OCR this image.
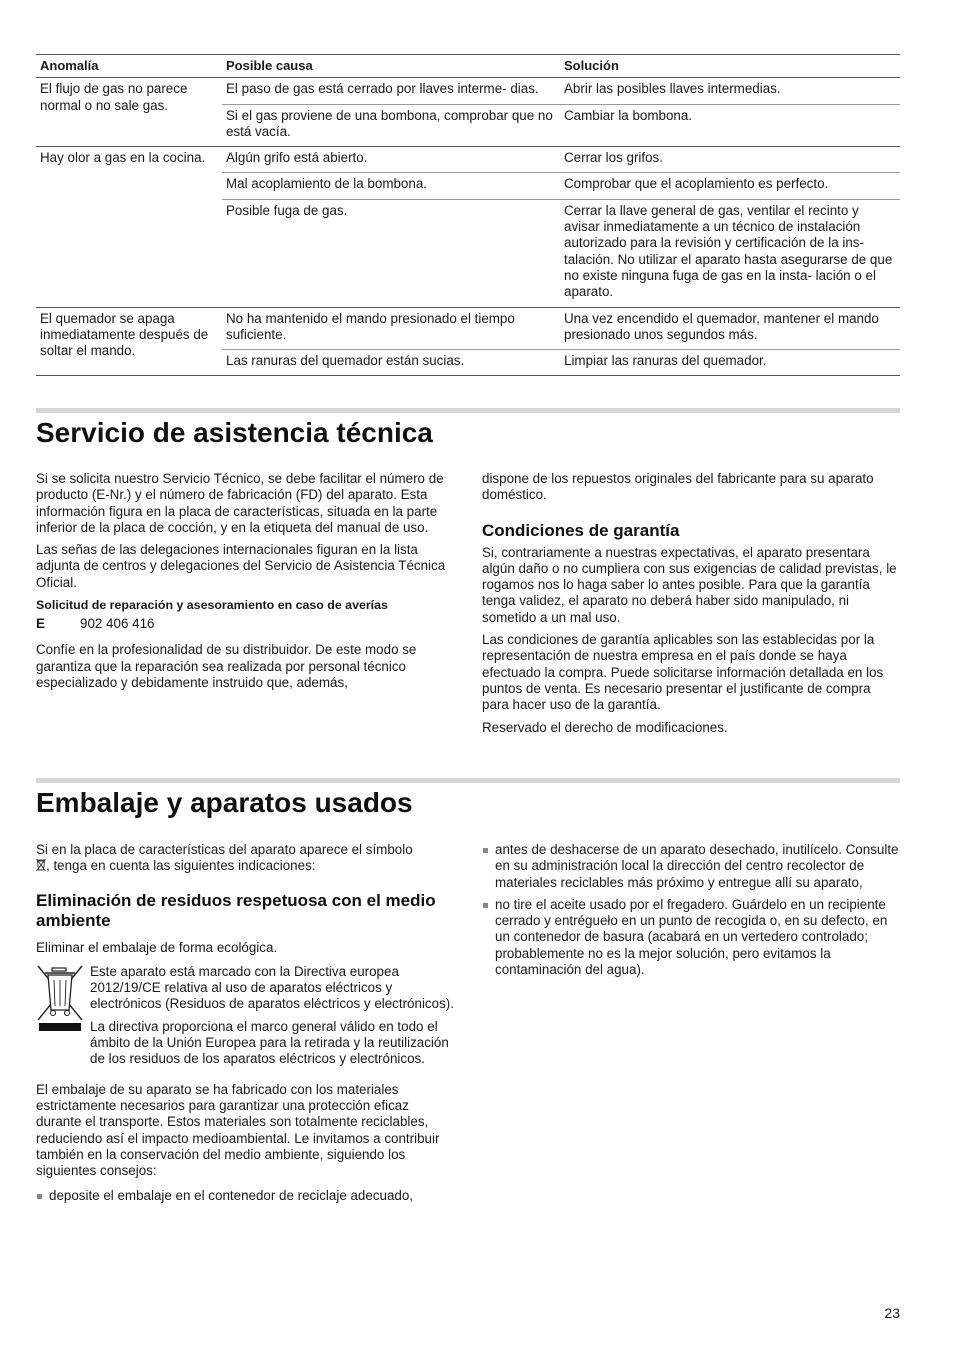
Anomalía	Posible causa	Solución
El flujo de gas no parece normal o no sale gas.	El paso de gas está cerrado por llaves interme- dias.	Abrir las posibles llaves intermedias.
	Si el gas proviene de una bombona, comprobar que no está vacía.	Cambiar la bombona.
Hay olor a gas en la cocina.	Algún grifo está abierto.	Cerrar los grifos.
	Mal acoplamiento de la bombona.	Comprobar que el acoplamiento es perfecto.
	Posible fuga de gas.	Cerrar la llave general de gas, ventilar el recinto y avisar inmediatamente a un técnico de instalación autorizado para la revisión y certificación de la ins- talación. No utilizar el aparato hasta asegurarse de que no existe ninguna fuga de gas en la insta- lación o el aparato.
El quemador se apaga inmediatamente después de soltar el mando.	No ha mantenido el mando presionado el tiempo suficiente.	Una vez encendido el quemador, mantener el mando presionado unos segundos más.
	Las ranuras del quemador están sucias.	Limpiar las ranuras del quemador.
Servicio de asistencia técnica

Si se solicita nuestro Servicio Técnico, se debe facilitar el número de producto (E-Nr.) y el número de fabricación (FD) del aparato. Esta información figura en la placa de características, situada en la parte inferior de la placa de cocción, y en la etiqueta del manual de uso.

Las señas de las delegaciones internacionales figuran en la lista adjunta de centros y delegaciones del Servicio de Asistencia Técnica Oficial.

Solicitud de reparación y asesoramiento en caso de averías
E	902 406 416

Confíe en la profesionalidad de su distribuidor. De este modo se garantiza que la reparación sea realizada por personal técnico especializado y debidamente instruido que, además,

dispone de los repuestos originales del fabricante para su aparato doméstico.

Condiciones de garantía

Si, contrariamente a nuestras expectativas, el aparato presentara algún daño o no cumpliera con sus exigencias de calidad previstas, le rogamos nos lo haga saber lo antes posible. Para que la garantía tenga validez, el aparato no deberá haber sido manipulado, ni sometido a un mal uso.

Las condiciones de garantía aplicables son las establecidas por la representación de nuestra empresa en el país donde se haya efectuado la compra. Puede solicitarse información detallada en los puntos de venta. Es necesario presentar el justificante de compra para hacer uso de la garantía.

Reservado el derecho de modificaciones.

Embalaje y aparatos usados

Si en la placa de características del aparato aparece el símbolo
, tenga en cuenta las siguientes indicaciones:

Eliminación de residuos respetuosa con el medio ambiente

Eliminar el embalaje de forma ecológica.

Este aparato está marcado con la Directiva europea 2012/19/CE relativa al uso de aparatos eléctricos y electrónicos (Residuos de aparatos eléctricos y electrónicos).

La directiva proporciona el marco general válido en todo el ámbito de la Unión Europea para la retirada y la reutilización de los residuos de los aparatos eléctricos y electrónicos.

El embalaje de su aparato se ha fabricado con los materiales estrictamente necesarios para garantizar una protección eficaz durante el transporte. Estos materiales son totalmente reciclables, reduciendo así el impacto medioambiental. Le invitamos a contribuir también en la conservación del medio ambiente, siguiendo los siguientes consejos:

deposite el embalaje en el contenedor de reciclaje adecuado,
antes de deshacerse de un aparato desechado, inutilícelo. Consulte en su administración local la dirección del centro recolector de materiales reciclables más próximo y entregue allí su aparato,
no tire el aceite usado por el fregadero. Guárdelo en un recipiente cerrado y entrégueło en un punto de recogida o, en su defecto, en un contenedor de basura (acabará en un vertedero controlado; probablemente no es la mejor solución, pero evitamos la contaminación del agua).
23
